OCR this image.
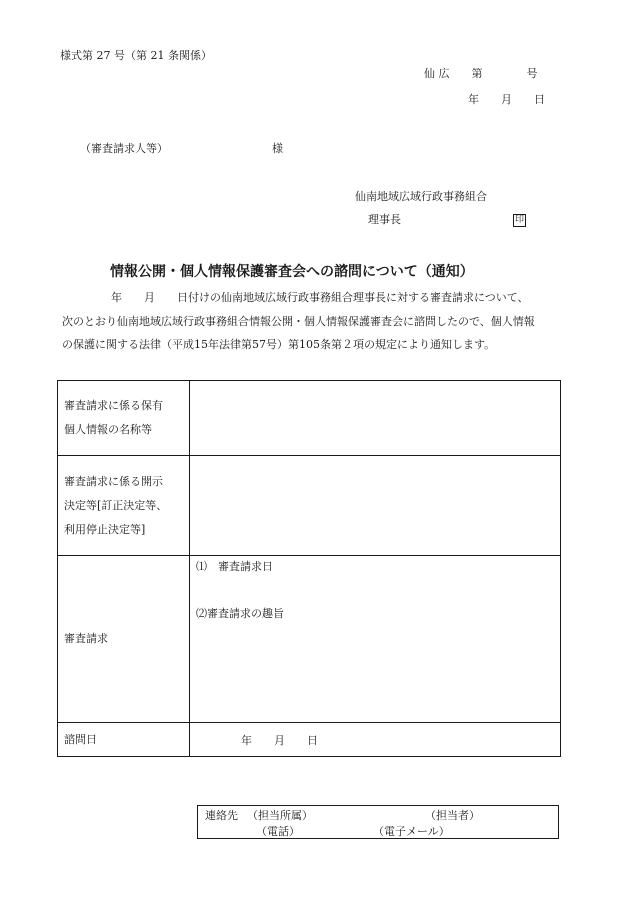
様式第 27 号（第 21 条関係）
仙 広　　第　　　　号
年　　月　　日
（審査請求人等）	様
仙南地域広域行政事務組合
理事長	印
情報公開・個人情報保護審査会への諮問について（通知）
　年　　月　　日付けの仙南地域広域行政事務組合理事長に対する審査請求について、
次のとおり仙南地域広域行政事務組合情報公開・個人情報保護審査会に諮問したので、個人情報
の保護に関する法律（平成15年法律第57号）第105条第２項の規定により通知します。
審査請求に係る保有
個人情報の名称等	

審査請求に係る開示
決定等[訂正決定等、
利用停止決定等]	

審査請求	⑴　審査請求日
⑵審査請求の趣旨

諮問日	年　　月　　日
連絡先 （担当所属）	（担当者）
（電話）	（電子メール）
